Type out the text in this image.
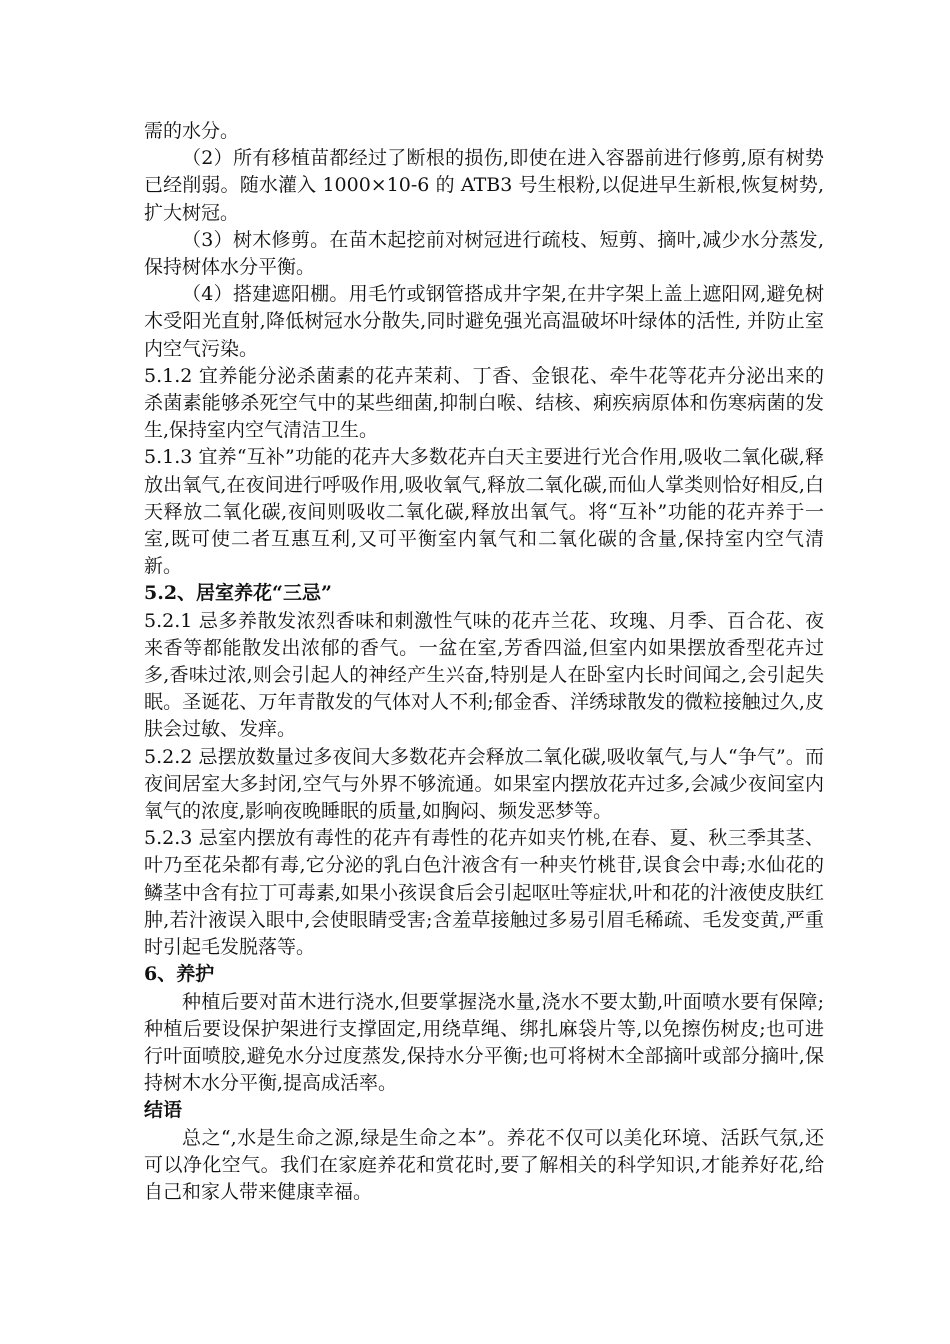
需的水分。

（2）所有移植苗都经过了断根的损伤,即使在进入容器前进行修剪,原有树势已经削弱。随水灌入 1000×10-6 的 ATB3 号生根粉,以促进早生新根,恢复树势,扩大树冠。

（3）树木修剪。在苗木起挖前对树冠进行疏枝、短剪、摘叶,减少水分蒸发,保持树体水分平衡。

（4）搭建遮阳棚。用毛竹或钢管搭成井字架,在井字架上盖上遮阳网,避免树木受阳光直射,降低树冠水分散失,同时避免强光高温破坏叶绿体的活性, 并防止室内空气污染。

5.1.2 宜养能分泌杀菌素的花卉茉莉、丁香、金银花、牵牛花等花卉分泌出来的杀菌素能够杀死空气中的某些细菌,抑制白喉、结核、痢疾病原体和伤寒病菌的发生,保持室内空气清洁卫生。

5.1.3 宜养“互补”功能的花卉大多数花卉白天主要进行光合作用,吸收二氧化碳,释放出氧气,在夜间进行呼吸作用,吸收氧气,释放二氧化碳,而仙人掌类则恰好相反,白天释放二氧化碳,夜间则吸收二氧化碳,释放出氧气。将“互补”功能的花卉养于一室,既可使二者互惠互利,又可平衡室内氧气和二氧化碳的含量,保持室内空气清新。

5.2、居室养花“三忌”

5.2.1 忌多养散发浓烈香味和刺激性气味的花卉兰花、玫瑰、月季、百合花、夜来香等都能散发出浓郁的香气。一盆在室,芳香四溢,但室内如果摆放香型花卉过多,香味过浓,则会引起人的神经产生兴奋,特别是人在卧室内长时间闻之,会引起失眠。圣诞花、万年青散发的气体对人不利;郁金香、洋绣球散发的微粒接触过久,皮肤会过敏、发痒。

5.2.2 忌摆放数量过多夜间大多数花卉会释放二氧化碳,吸收氧气,与人“争气”。而夜间居室大多封闭,空气与外界不够流通。如果室内摆放花卉过多,会减少夜间室内氧气的浓度,影响夜晚睡眠的质量,如胸闷、频发恶梦等。

5.2.3 忌室内摆放有毒性的花卉有毒性的花卉如夹竹桃,在春、夏、秋三季其茎、叶乃至花朵都有毒,它分泌的乳白色汁液含有一种夹竹桃苷,误食会中毒;水仙花的鳞茎中含有拉丁可毒素,如果小孩误食后会引起呕吐等症状,叶和花的汁液使皮肤红肿,若汁液误入眼中,会使眼睛受害;含羞草接触过多易引眉毛稀疏、毛发变黄,严重时引起毛发脱落等。

6、养护

种植后要对苗木进行浇水,但要掌握浇水量,浇水不要太勤,叶面喷水要有保障;种植后要设保护架进行支撑固定,用绕草绳、绑扎麻袋片等,以免擦伤树皮;也可进行叶面喷胶,避免水分过度蒸发,保持水分平衡;也可将树木全部摘叶或部分摘叶,保持树木水分平衡,提高成活率。

结语

总之“,水是生命之源,绿是生命之本”。养花不仅可以美化环境、活跃气氛,还可以净化空气。我们在家庭养花和赏花时,要了解相关的科学知识,才能养好花,给自己和家人带来健康幸福。
